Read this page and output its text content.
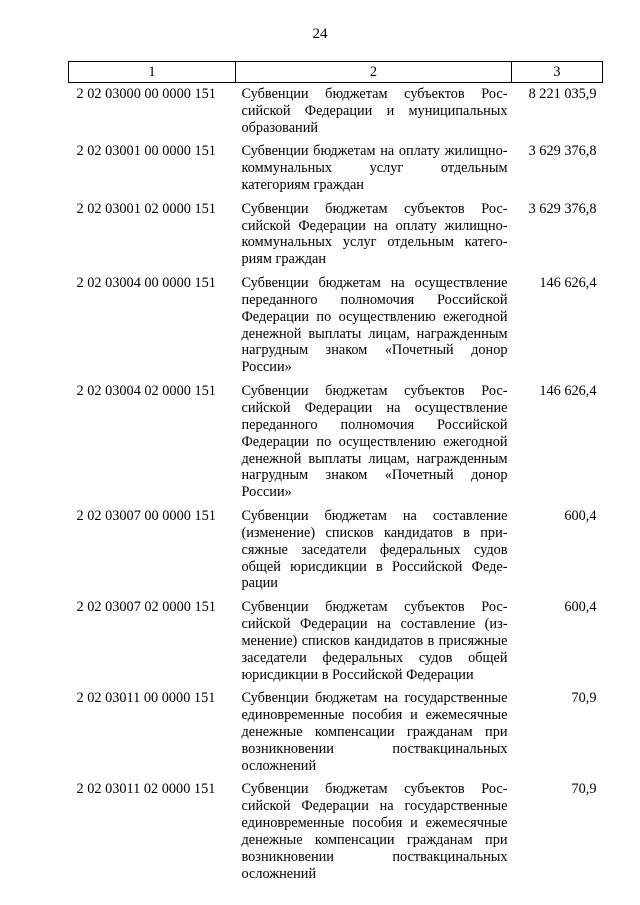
24
1	2	3
2 02 03000 00 0000 151	Субвенции бюджетам субъектов Российской Федерации и муниципальных образований	8 221 035,9
2 02 03001 00 0000 151	Субвенции бюджетам на оплату жилищно-коммунальных услуг отдельным категориям граждан	3 629 376,8
2 02 03001 02 0000 151	Субвенции бюджетам субъектов Российской Федерации на оплату жилищно-коммунальных услуг отдельным категориям граждан	3 629 376,8
2 02 03004 00 0000 151	Субвенции бюджетам на осуществление переданного полномочия Российской Федерации по осуществлению ежегодной денежной выплаты лицам, награжденным нагрудным знаком «Почетный донор России»	146 626,4
2 02 03004 02 0000 151	Субвенции бюджетам субъектов Российской Федерации на осуществление переданного полномочия Российской Федерации по осуществлению ежегодной денежной выплаты лицам, награжденным нагрудным знаком «Почетный донор России»	146 626,4
2 02 03007 00 0000 151	Субвенции бюджетам на составление (изменение) списков кандидатов в присяжные заседатели федеральных судов общей юрисдикции в Российской Федерации	600,4
2 02 03007 02 0000 151	Субвенции бюджетам субъектов Российской Федерации на составление (изменение) списков кандидатов в присяжные заседатели федеральных судов общей юрисдикции в Российской Федерации	600,4
2 02 03011 00 0000 151	Субвенции бюджетам на государственные единовременные пособия и ежемесячные денежные компенсации гражданам при возникновении поствакцинальных осложнений	70,9
2 02 03011 02 0000 151	Субвенции бюджетам субъектов Российской Федерации на государственные единовременные пособия и ежемесячные денежные компенсации гражданам при возникновении поствакцинальных осложнений	70,9
